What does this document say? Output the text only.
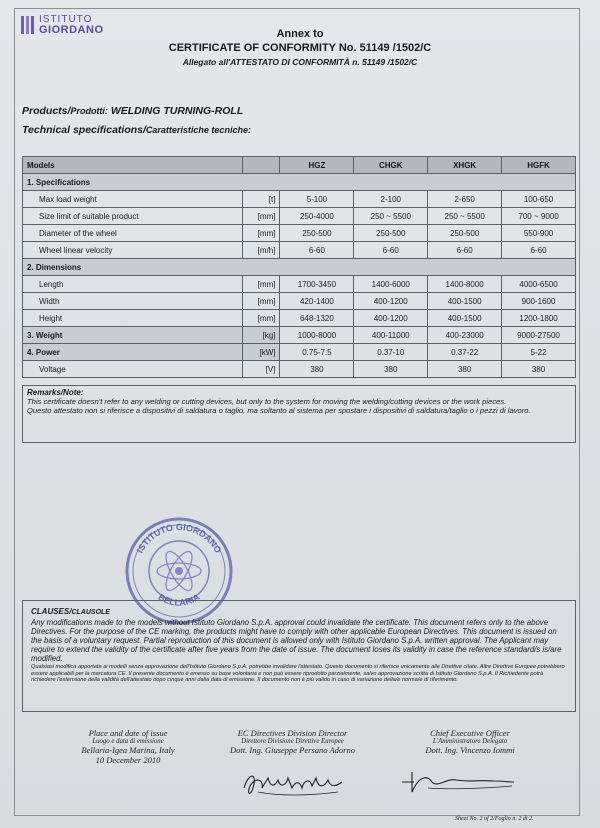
ISTITUTO
GIORDANO	Annex to
CERTIFICATE OF CONFORMITY No. 51149 /1502/C
Allegato all'ATTESTATO DI CONFORMITÀ n. 51149 /1502/C
Products/Prodotti: WELDING TURNING-ROLL
Technical specifications/Caratteristiche tecniche:
Models		HGZ	CHGK	XHGK	HGFK
1. Specifications					
Max load weight	[t]	5-100	2-100	2-650	100-650
Size limit of suitable product	[mm]	250-4000	250 ~ 5500	250 ~ 5500	700 ~ 9000
Diameter of the wheel	[mm]	250-500	250-500	250-500	550-900
Wheel linear velocity	[m/h]	6-60	6-60	6-60	6-60
2. Dimensions					
Length	[mm]	1700-3450	1400-6000	1400-8000	4000-6500
Width	[mm]	420-1400	400-1200	400-1500	900-1600
Height	[mm]	648-1320	400-1200	400-1500	1200-1800
3. Weight	[kg]	1000-8000	400-11000	400-23000	9000-27500
4. Power	[kW]	0.75-7.5	0.37-10	0.37-22	5-22
Voltage	[V]	380	380	380	380
Remarks/Note:
This certificate doesn't refer to any welding or cutting devices, but only to the system for moving the welding/cutting devices or the work pieces.
Questo attestato non si riferisce a dispositivi di saldatura o taglio, ma soltanto al sistema per spostare i dispositivi di saldatura/taglio o i pezzi di lavoro.
ISTITUTO GIORDANO
BELLARIA
CLAUSES/CLAUSOLE
Any modifications made to the models without Istituto Giordano S.p.A. approval could invalidate the certificate. This document refers only to the above Directives. For the purpose of the CE marking, the products might have to comply with other applicable European Directives. This document is issued on the basis of a voluntary request. Partial reproduction of this document is allowed only with Istituto Giordano S.p.A. written approval. The Applicant may require to extend the validity of the certificate after five years from the date of issue. The document loses its validity in case the reference standard/s is/are modified.
Qualsiasi modifica apportata ai modelli senza approvazione dell'Istituto Giordano S.p.A. potrebbe invalidare l'attestato. Questo documento si riferisce unicamente alle Direttive citate. Altre Direttive Europee potrebbero essere applicabili per la marcatura CE. Il presente documento è emesso su base volontaria e non può essere riprodotto parzialmente, salvo approvazione scritta di Istituto Giordano S.p.A. Il Richiedente potrà richiedere l'estensione della validità dell'attestato dopo cinque anni dalla data di emissione. Il documento non è più valido in caso di variazione della/e norma/e di riferimento.
Place and date of issue
Luogo e data di emissione
Bellaria-Igea Marina, Italy
10 December 2010
EC Directives Division Director
Direttore Divisione Direttive Europee
Dott. Ing. Giuseppe Persano Adorno
Chief Executive Officer
L'Amministratore Delegato
Dott. Ing. Vincenzo Iommi
Sheet No. 2 of 2/Foglio n. 2 di 2.
